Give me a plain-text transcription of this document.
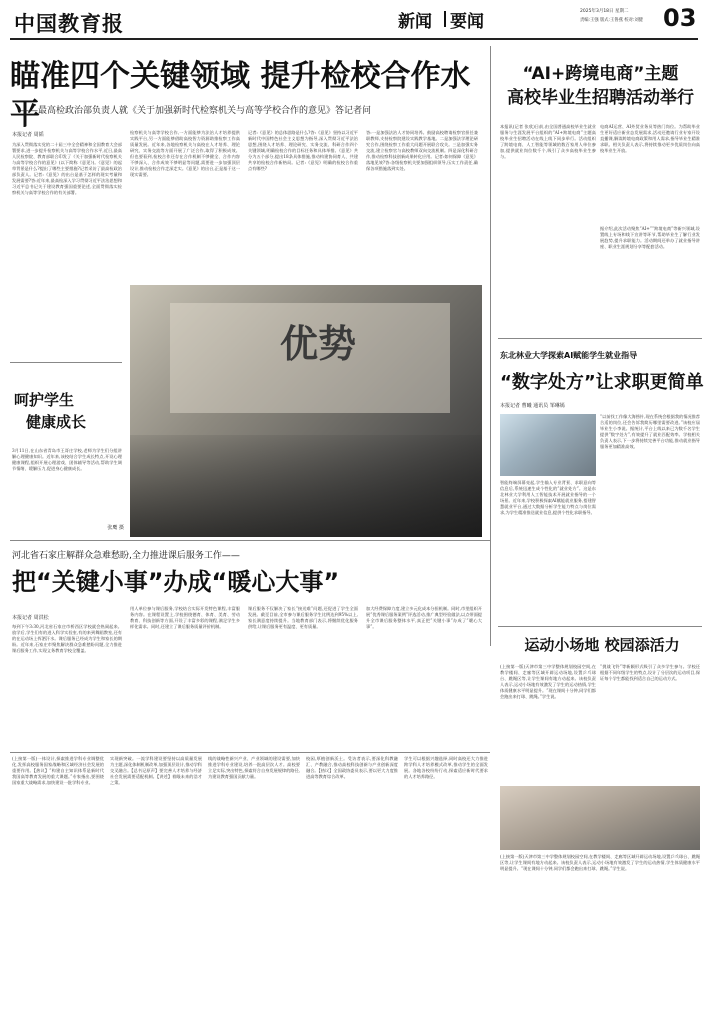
中国教育报	新闻	要闻
2025年3月18日 星期二
责编:王强 版式:王鲁燕 校对:刘健 03
瞄准四个关键领域 提升检校合作水平
——最高检政治部负责人就《关于加强新时代检察机关与高等学校合作的意见》答记者问
本报记者 周韬
为深入贯彻落实党的二十届三中全会精神和全国教育大会部署要求,进一步提升检察机关与高等学校合作水平,近日,最高人民检察院、教育部联合印发了《关于加强新时代检察机关与高等学校合作的意见》(以下简称《意见》)。《意见》的起草背景是什么?提出了哪些主要措施?记者采访了最高检政治部负责人。记者:《意见》的出台是基于怎样的现实考量和发展需要?答:近年来,最高检深入学习贯彻习近平法治思想和习近平总书记关于建设教育强国重要论述,全面贯彻落实检察机关与高等学校合作的有关部署。
检察机关与高等学校合作,一方面能够为法治人才培养提供实践平台,另一方面能够借助高校智力资源助推检察工作高质量发展。近年来,各地检察机关与高校在人才培养、理论研究、实务交流等方面开展了广泛合作,取得了积极成效。但也要看到,检校合作还存在合作机制不够健全、合作内容不够深入、合作成效不够明显等问题,需要进一步加强顶层设计,推动检校合作走深走实。《意见》的出台,正是基于这一现实需要。
记者:《意见》的总体思路是什么?答:《意见》坚持以习近平新时代中国特色社会主义思想为指导,深入贯彻习近平法治思想,围绕人才培养、理论研究、实务交流、科研合作四个关键领域,明确检校合作的目标任务和具体举措。《意见》共分为五个部分,提出18条具体措施,推动构建协同育人、共建共享的检校合作新格局。记者:《意见》明确的检校合作重点有哪些?
答:一是加强法治人才协同培养。鼓励高校聘请检察官担任兼职教师,支持检察院建设实践教学基地。二是加强法学理论研究合作,围绕检察工作重大问题开展联合攻关。三是加强实务交流,建立检察官与高校教师双向交流机制。四是深化科研合作,推动检察科技创新成果转化应用。记者:如何保障《意见》落地见效?答:各级检察机关要加强组织领导,压实工作责任,确保各项措施落到实处。
“AI+跨境电商”主题
高校毕业生招聘活动举行
本报讯(记者 张欣)日前,由全国普通高校毕业生就业服务与生涯发展平台组织的“AI+跨境电商”主题高校毕业生招聘活动在线上线下同步举行。活动组织了跨境电商、人工智能等领域的数百家用人单位参加,提供就业岗位数千个,吸引了众多高校毕业生参与。
电商AI运营、AI外贸业务员等热门岗位。为帮助毕业生更好适应新业态发展需求,活动还邀请行业专家开设直播课,解读跨境电商政策和用人需求,指导毕业生精准求职。相关负责人表示,将持续推动更多优质岗位向高校毕业生开放。
据介绍,此次活动聚焦“AI+”“跨境电商”等新兴领域,设置线上专场和线下宣讲等环节,帮助毕业生了解行业发展趋势,提升求职能力。活动期间还举办了就业指导讲座、职业生涯规划分享等配套活动。
优势
呵护学生
健康成长
3月11日,在山东省青岛市王哥庄学校,老师为学生们分组讲解心理健康知识。近年来,该校结合学生成长特点,开设心理健康课程,组织开展心理游戏、团体辅导等活动,帮助学生调节情绪、缓解压力,促进身心健康成长。
张鹰 摄
东北林业大学探索AI赋能学生就业指导
“数字处方”让求职更简单
本报记者 曹曦 通讯员 邹琳嫣
智能终端屏幕亮起,学生输入专业背景、求职意向等信息后,系统迅速生成个性化的“就业处方”。这是东北林业大学利用人工智能技术开展就业指导的一个场景。近年来,学校积极探索AI赋能就业服务,搭建智慧就业平台,通过大数据分析学生能力特点与岗位需求,为学生精准推送就业信息,提供个性化求职指导。
“以前找工作像大海捞针,现在系统会根据我的情况推荐合适的岗位,还会告诉我简历哪里需要改进。”该校应届毕业生小李说。据统计,平台上线以来已为数千名学生提供“数字处方”,有效提升了就业匹配效率。学校相关负责人表示,下一步将持续完善平台功能,推动就业指导服务更加精准高效。
河北省石家庄解群众急难愁盼,全力推进课后服务工作——
把“关键小事”办成“暖心大事”
本报记者 周洪松
每到下午3:30,河北省石家庄市桥西区学校就会热闹起来。放学后,学生们有的进入科学实验室,有的来到舞蹈教室,还有的在运动场上挥洒汗水。课后服务已经成为学生和家长的期盼。近年来,石家庄市聚焦解决群众急难愁盼问题,全力推进课后服务工作,实现义务教育学校全覆盖。
用人单位参与课后服务,学校结合实际开发特色课程,丰富服务内容。在课程设置上,学校围绕德育、体育、美育、劳动教育、科技创新等方面,开设了丰富多彩的课程,满足学生多样化需求。同时,还建立了课后服务质量评价机制。
课后服务不仅解决了家长“接送难”问题,还促进了学生全面发展。截至目前,全市参与课后服务学生比例达到95%以上,家长满意度持续提升。当地教育部门表示,将继续优化服务供给,让课后服务更有温度、更有质量。
加大经费保障力度,建立多元化成本分担机制。同时,市里组织开展“优秀课后服务案例”评选活动,推广典型经验做法,以点带面提升全市课后服务整体水平,真正把“关键小事”办成了“暖心大事”。
运动小场地 校园添活力
(上接第一版)天津市第三中学整体规划校园空间,在教学楼间、走廊等区域开辟运动场地,设置乒乓球台、跳绳区等,让学生课间有地方动起来。该校负责人表示,运动小场地有效激发了学生的运动热情,学生体质健康水平明显提升。“现在课间十分钟,同学们都会跑出来打球、跳绳。”学生说。
“挑战飞铃”等新颖形式吸引了众多学生参与。学校还根据不同年级学生的特点,设计了分层次的运动项目,保证每个学生都能找到适合自己的运动方式。
(上接第一版)一体设计,探索推进学科专业调整优化,发挥高校服务国家战略和区域经济社会发展的重要作用。【热议】“构建自主知识体系是新时代我国高等教育发展的重大课题。”专家指出,要围绕国家重大战略需求,加快建设一批学科专业。
实现新突破。一流学科建设要坚持以高质量发展为主题,深化体制机制改革,加强顶层设计,推动学科交叉融合。【总书记原声】要完善人才培养与经济社会发展需要适配机制。【讲述】着眼未来的浩才之策。
线的战略性新兴产业、产业领域的建设需要,加快推进学科专业建设,培养一批高层次人才。高校要立足实际,突出特色,探索符合自身发展规律的路径,为建设教育强国贡献力量。
校园,厚植创新沃土。受访者表示,要深化科教融汇、产教融合,推动高校科技创新与产业创新深度融合。【热议】全国政协委员表示,要以更大力度推进高等教育综合改革。
学生可以根据兴趣选择,同时高校还大力推进跨学科人才培养模式改革,推动学生的全面发展。各地各校纷纷行动,探索适应新时代要求的人才培养路径。
(上接第一版)天津市第三中学整体规划校园空间,在教学楼间、走廊等区域开辟运动场地,设置乒乓球台、跳绳区等,让学生课间有地方动起来。该校负责人表示,运动小场地有效激发了学生的运动热情,学生体质健康水平明显提升。“现在课间十分钟,同学们都会跑出来打球、跳绳。”学生说。
